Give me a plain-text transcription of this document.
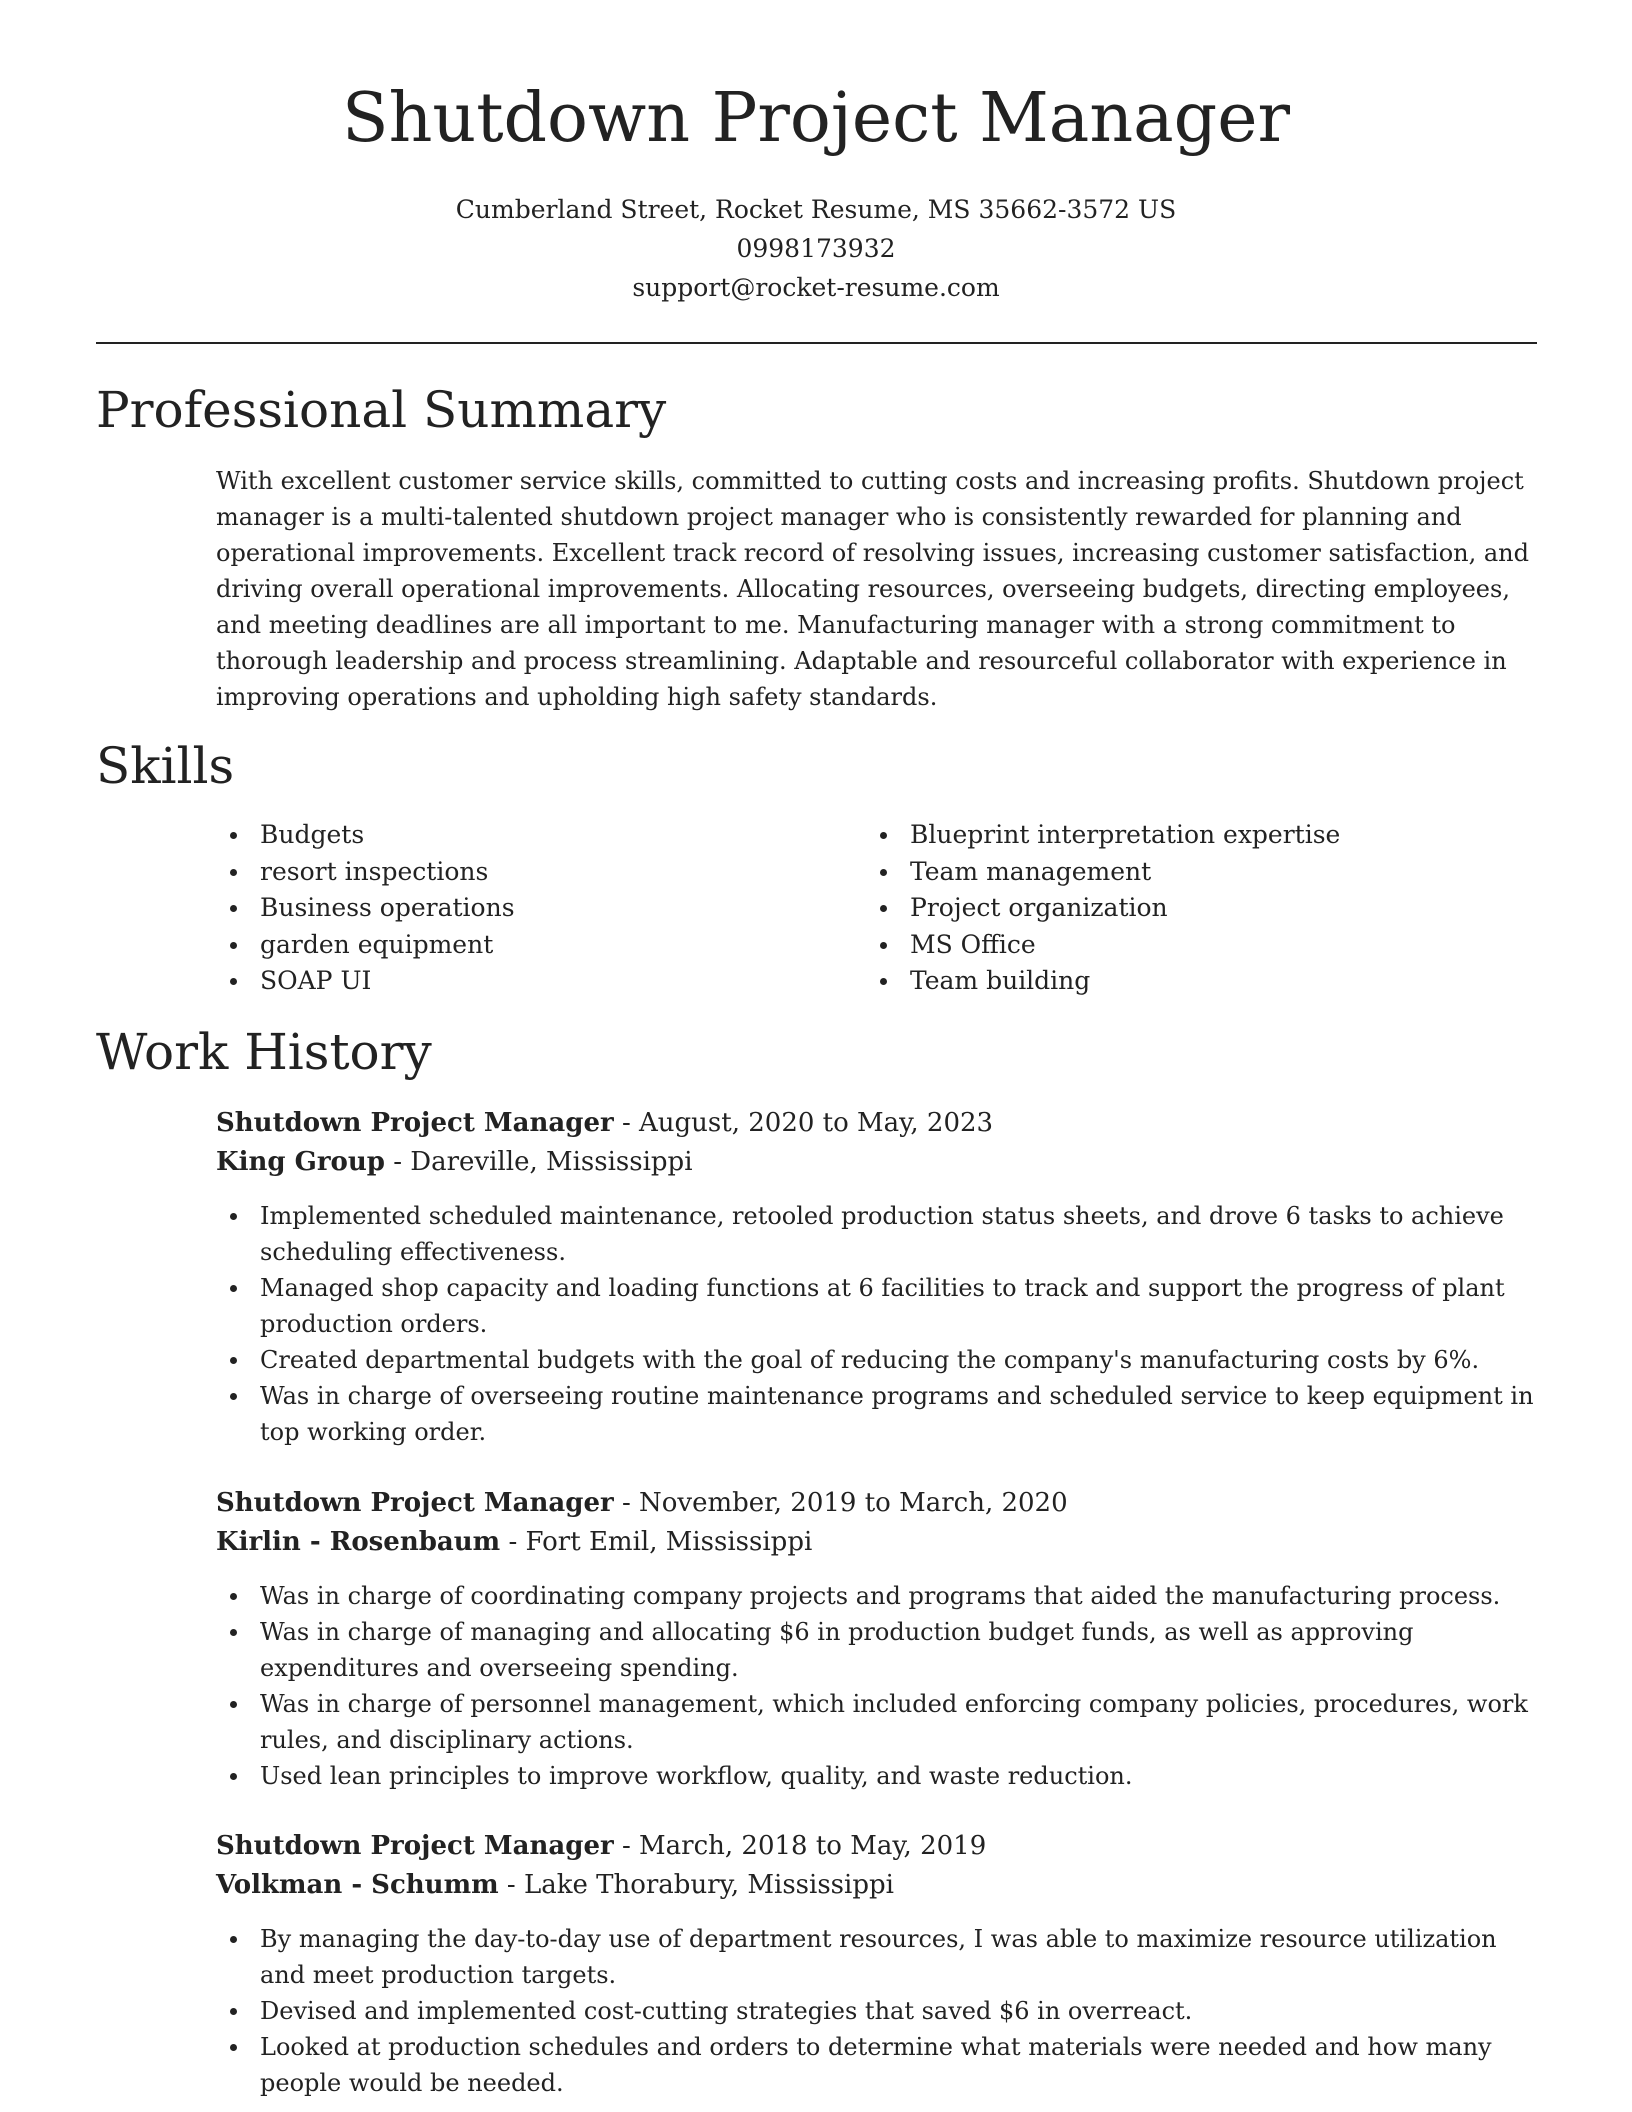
Shutdown Project Manager
Cumberland Street, Rocket Resume, MS 35662-3572 US
0998173932
support@rocket-resume.com
Professional Summary

With excellent customer service skills, committed to cutting costs and increasing profits. Shutdown project manager is a multi-talented shutdown project manager who is consistently rewarded for planning and operational improvements. Excellent track record of resolving issues, increasing customer satisfaction, and driving overall operational improvements. Allocating resources, overseeing budgets, directing employees, and meeting deadlines are all important to me. Manufacturing manager with a strong commitment to thorough leadership and process streamlining. Adaptable and resourceful collaborator with experience in improving operations and upholding high safety standards.

Skills
Budgets
resort inspections
Business operations
garden equipment
SOAP UI
Blueprint interpretation expertise
Team management
Project organization
MS Office
Team building
Work History
Shutdown Project Manager - August, 2020 to May, 2023
King Group - Dareville, Mississippi
Implemented scheduled maintenance, retooled production status sheets, and drove 6 tasks to achieve scheduling effectiveness.
Managed shop capacity and loading functions at 6 facilities to track and support the progress of plant production orders.
Created departmental budgets with the goal of reducing the company's manufacturing costs by 6%.
Was in charge of overseeing routine maintenance programs and scheduled service to keep equipment in top working order.
Shutdown Project Manager - November, 2019 to March, 2020
Kirlin - Rosenbaum - Fort Emil, Mississippi
Was in charge of coordinating company projects and programs that aided the manufacturing process.
Was in charge of managing and allocating $6 in production budget funds, as well as approving expenditures and overseeing spending.
Was in charge of personnel management, which included enforcing company policies, procedures, work rules, and disciplinary actions.
Used lean principles to improve workflow, quality, and waste reduction.
Shutdown Project Manager - March, 2018 to May, 2019
Volkman - Schumm - Lake Thorabury, Mississippi
By managing the day-to-day use of department resources, I was able to maximize resource utilization and meet production targets.
Devised and implemented cost-cutting strategies that saved $6 in overreact.
Looked at production schedules and orders to determine what materials were needed and how many people would be needed.
